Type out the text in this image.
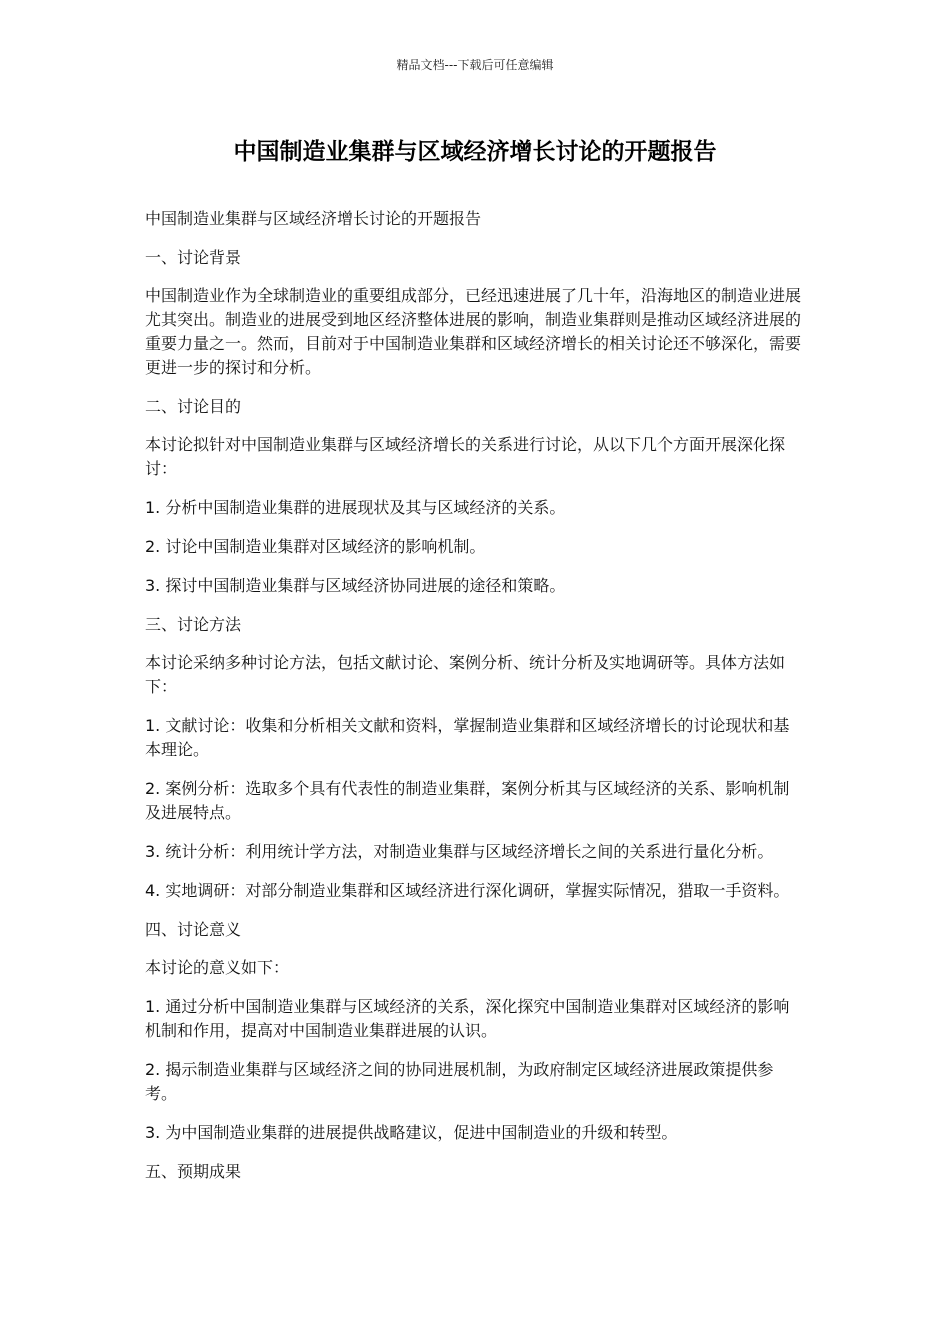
精品文档---下载后可任意编辑
中国制造业集群与区域经济增长讨论的开题报告

中国制造业集群与区域经济增长讨论的开题报告

一、讨论背景

中国制造业作为全球制造业的重要组成部分，已经迅速进展了几十年，沿海地区的制造业进展尤其突出。制造业的进展受到地区经济整体进展的影响，制造业集群则是推动区域经济进展的重要力量之一。然而，目前对于中国制造业集群和区域经济增长的相关讨论还不够深化，需要更进一步的探讨和分析。

二、讨论目的

本讨论拟针对中国制造业集群与区域经济增长的关系进行讨论，从以下几个方面开展深化探讨：

1. 分析中国制造业集群的进展现状及其与区域经济的关系。

2. 讨论中国制造业集群对区域经济的影响机制。

3. 探讨中国制造业集群与区域经济协同进展的途径和策略。

三、讨论方法

本讨论采纳多种讨论方法，包括文献讨论、案例分析、统计分析及实地调研等。具体方法如下：

1. 文献讨论：收集和分析相关文献和资料，掌握制造业集群和区域经济增长的讨论现状和基本理论。

2. 案例分析：选取多个具有代表性的制造业集群，案例分析其与区域经济的关系、影响机制及进展特点。

3. 统计分析：利用统计学方法，对制造业集群与区域经济增长之间的关系进行量化分析。

4. 实地调研：对部分制造业集群和区域经济进行深化调研，掌握实际情况，猎取一手资料。

四、讨论意义

本讨论的意义如下：

1. 通过分析中国制造业集群与区域经济的关系，深化探究中国制造业集群对区域经济的影响机制和作用，提高对中国制造业集群进展的认识。

2. 揭示制造业集群与区域经济之间的协同进展机制，为政府制定区域经济进展政策提供参考。

3. 为中国制造业集群的进展提供战略建议，促进中国制造业的升级和转型。

五、预期成果
